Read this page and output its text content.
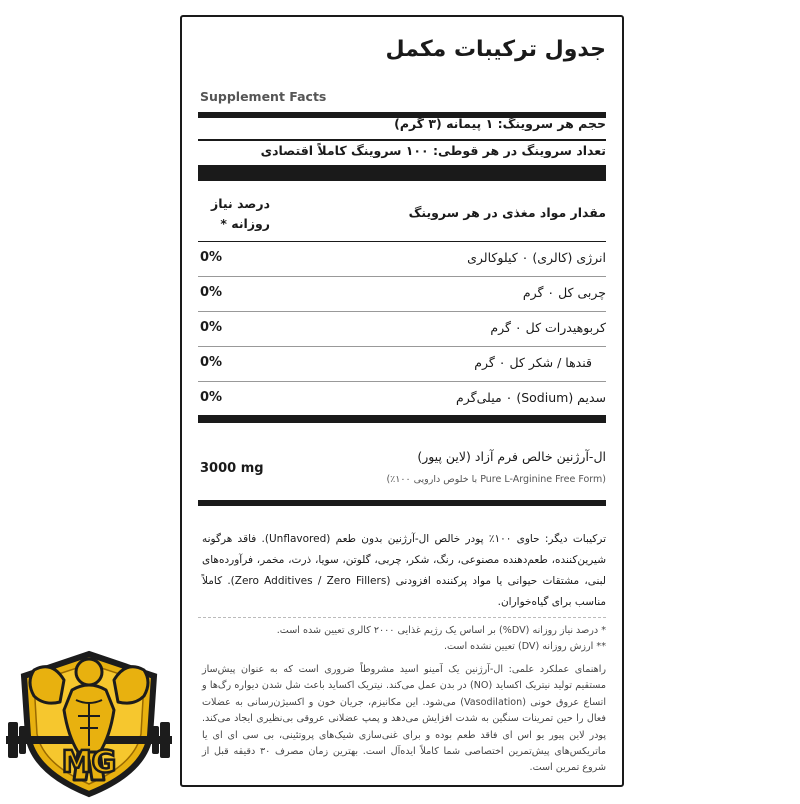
جدول ترکیبات مکمل
Supplement Facts
حجم هر سروینگ: ۱ پیمانه (۳ گرم)
تعداد سروینگ در هر قوطی: ۱۰۰ سروینگ کاملاً اقتصادی
مقدار مواد مغذی در هر سروینگ
درصد نیاز
روزانه *
انرژی (کالری) ۰ کیلوکالری
0%
چربی کل ۰ گرم
0%
کربوهیدرات کل ۰ گرم
0%
قندها / شکر کل ۰ گرم
0%
سدیم (Sodium) ۰ میلی‌گرم
0%
ال-آرژنین خالص فرم آزاد (لاین پیور)
(Pure L-Arginine Free Form با خلوص دارویی ۱۰۰٪)
3000 mg
ترکیبات دیگر: حاوی ۱۰۰٪ پودر خالص ال-آرژنین بدون طعم (Unflavored). فاقد هرگونه شیرین‌کننده، طعم‌دهنده مصنوعی، رنگ، شکر، چربی، گلوتن، سویا، ذرت، مخمر، فرآورده‌های لبنی، مشتقات حیوانی یا مواد پرکننده افزودنی (Zero Additives / Zero Fillers). کاملاً مناسب برای گیاه‌خواران.
* درصد نیاز روزانه (DV%) بر اساس یک رژیم غذایی ۲۰۰۰ کالری تعیین شده است.
** ارزش روزانه (DV) تعیین نشده است.
راهنمای عملکرد علمی: ال-آرژنین یک آمینو اسید مشروطاً ضروری است که به عنوان پیش‌ساز مستقیم تولید نیتریک اکساید (NO) در بدن عمل می‌کند. نیتریک اکساید باعث شل شدن دیواره رگ‌ها و اتساع عروق خونی (Vasodilation) می‌شود. این مکانیزم، جریان خون و اکسیژن‌رسانی به عضلات فعال را حین تمرینات سنگین به شدت افزایش می‌دهد و پمپ عضلانی عروقی بی‌نظیری ایجاد می‌کند. پودر لاین پیور یو اس ای فاقد طعم بوده و برای غنی‌سازی شیک‌های پروتئینی، بی سی ای ای یا ماتریکس‌های پیش‌تمرین اختصاصی شما کاملاً ایده‌آل است. بهترین زمان مصرف ۳۰ دقیقه قبل از شروع تمرین است.
MG
